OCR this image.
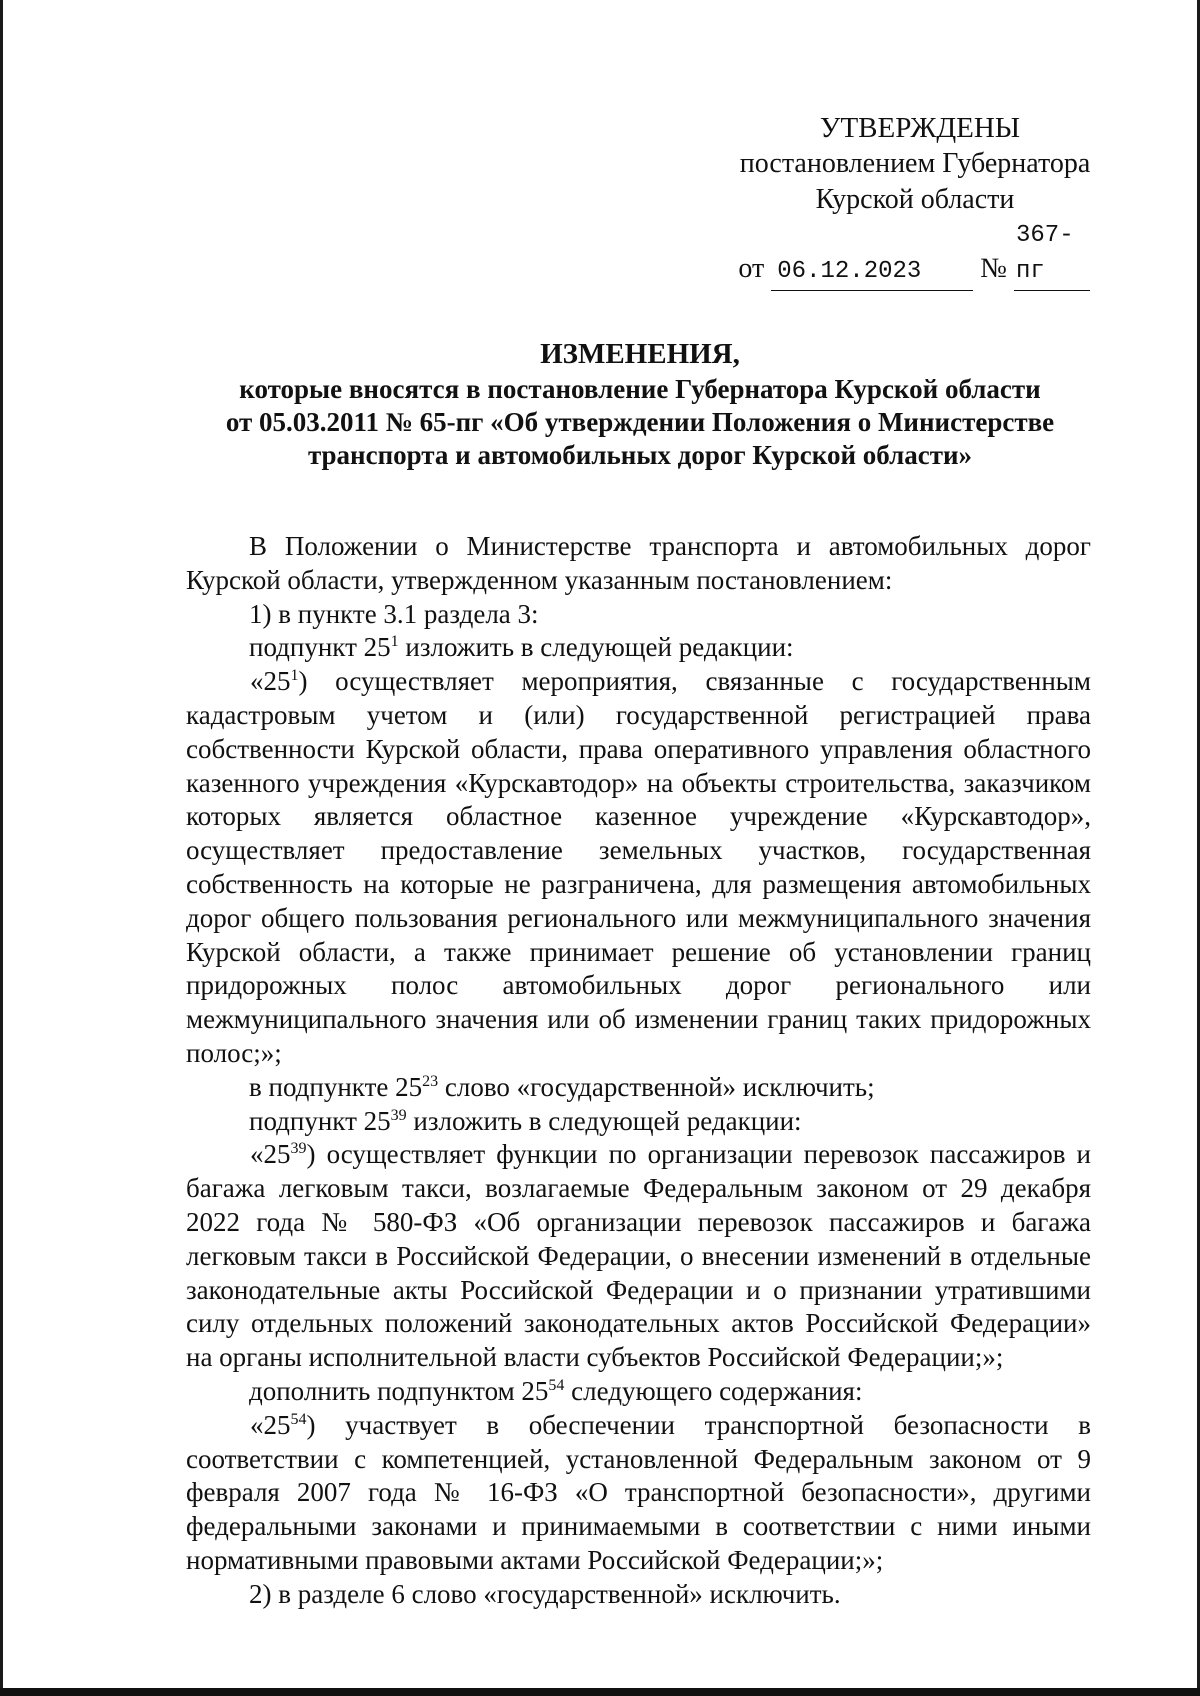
УТВЕРЖДЕНЫ
постановлением Губернатора
Курской области
от 06.12.2023 № 367-пг
ИЗМЕНЕНИЯ,
которые вносятся в постановление Губернатора Курской области
от 05.03.2011 № 65-пг «Об утверждении Положения о Министерстве
транспорта и автомобильных дорог Курской области»

В Положении о Министерстве транспорта и автомобильных дорог Курской области, утвержденном указанным постановлением:

1) в пункте 3.1 раздела 3:

подпункт $25^1$ изложить в следующей редакции:

«$25^1$) осуществляет мероприятия, связанные с государственным кадастровым учетом и (или) государственной регистрацией права собственности Курской области, права оперативного управления областного казенного учреждения «Курскавтодор» на объекты строительства, заказчиком которых является областное казенное учреждение «Курскавтодор», осуществляет предоставление земельных участков, государственная собственность на которые не разграничена, для размещения автомобильных дорог общего пользования регионального или межмуниципального значения Курской области, а также принимает решение об установлении границ придорожных полос автомобильных дорог регионального или межмуниципального значения или об изменении границ таких придорожных полос;»;

в подпункте $25^{23}$ слово «государственной» исключить;

подпункт $25^{39}$ изложить в следующей редакции:

«$25^{39}$) осуществляет функции по организации перевозок пассажиров и багажа легковым такси, возлагаемые Федеральным законом от 29 декабря 2022 года № 580-ФЗ «Об организации перевозок пассажиров и багажа легковым такси в Российской Федерации, о внесении изменений в отдельные законодательные акты Российской Федерации и о признании утратившими силу отдельных положений законодательных актов Российской Федерации» на органы исполнительной власти субъектов Российской Федерации;»;

дополнить подпунктом $25^{54}$ следующего содержания:

«$25^{54}$) участвует в обеспечении транспортной безопасности в соответствии с компетенцией, установленной Федеральным законом от 9 февраля 2007 года № 16-ФЗ «О транспортной безопасности», другими федеральными законами и принимаемыми в соответствии с ними иными нормативными правовыми актами Российской Федерации;»;

2) в разделе 6 слово «государственной» исключить.
